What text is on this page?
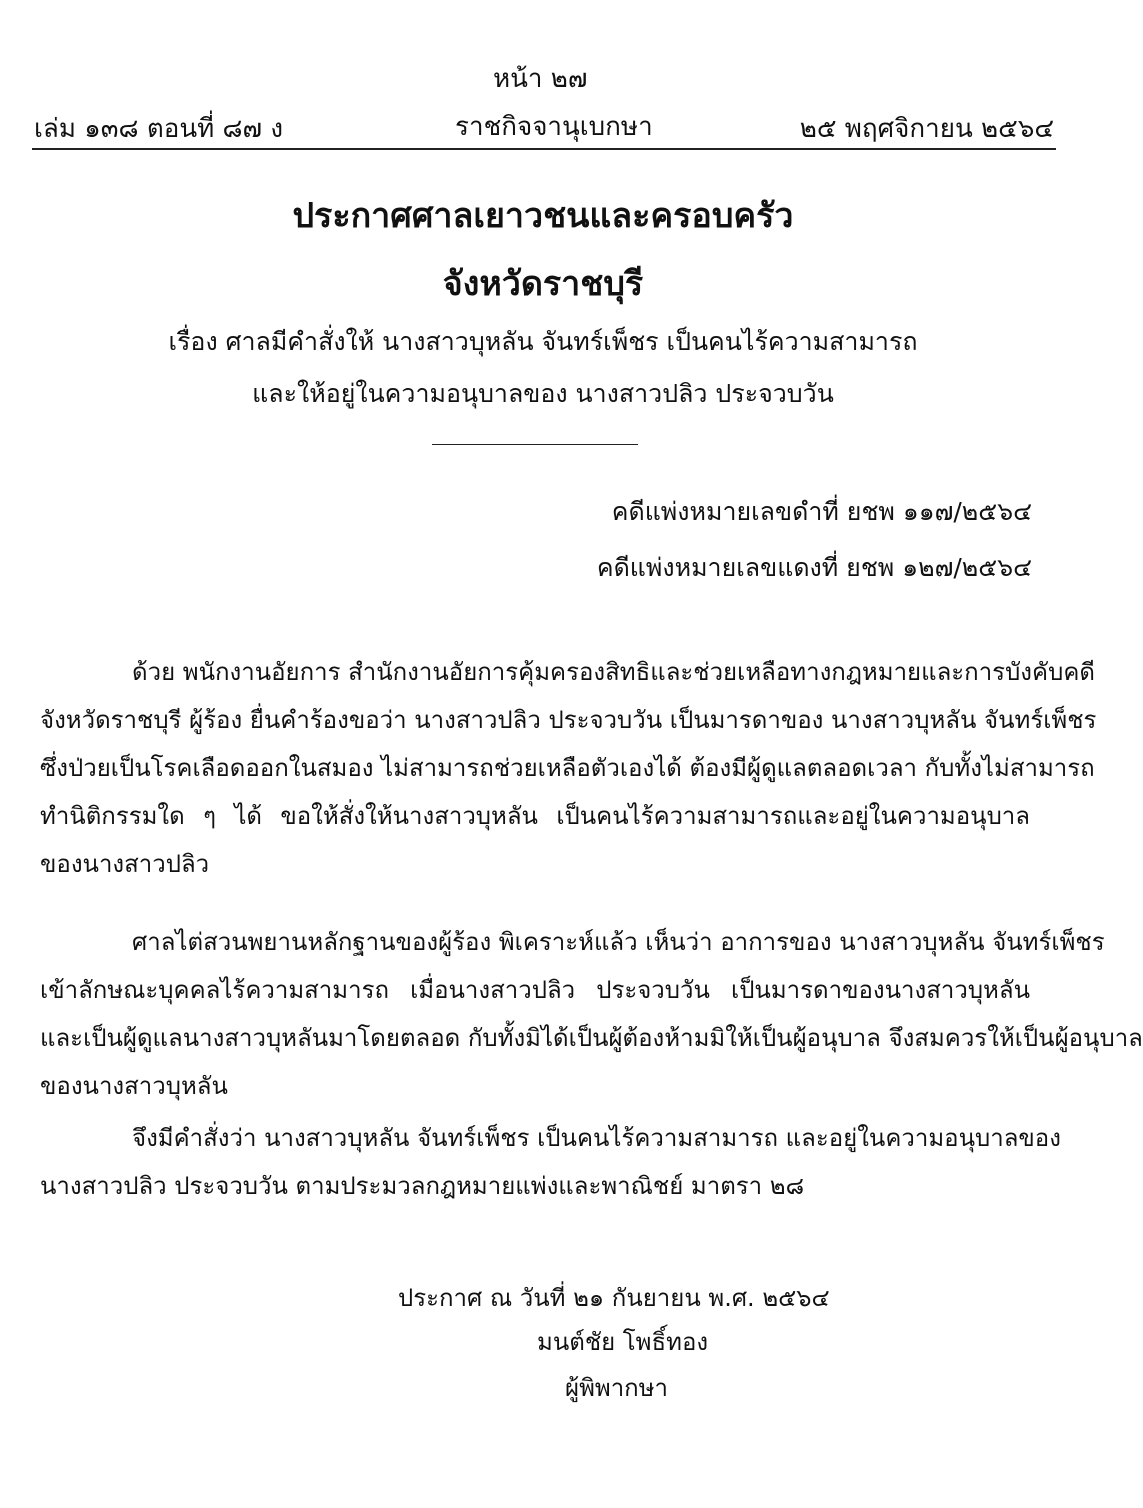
หน้า ๒๗
เล่ม ๑๓๘ ตอนที่ ๘๗ ง	ราชกิจจานุเบกษา	๒๕ พฤศจิกายน ๒๕๖๔
ประกาศศาลเยาวชนและครอบครัว
จังหวัดราชบุรี
เรื่อง ศาลมีคำสั่งให้ นางสาวบุหลัน จันทร์เพ็ชร เป็นคนไร้ความสามารถ
และให้อยู่ในความอนุบาลของ นางสาวปลิว ประจวบวัน
คดีแพ่งหมายเลขดำที่ ยชพ ๑๑๗/๒๕๖๔
คดีแพ่งหมายเลขแดงที่ ยชพ ๑๒๗/๒๕๖๔
ด้วย พนักงานอัยการ สำนักงานอัยการคุ้มครองสิทธิและช่วยเหลือทางกฎหมายและการบังคับคดี
จังหวัดราชบุรี ผู้ร้อง ยื่นคำร้องขอว่า นางสาวปลิว ประจวบวัน เป็นมารดาของ นางสาวบุหลัน จันทร์เพ็ชร
ซึ่งป่วยเป็นโรคเลือดออกในสมอง ไม่สามารถช่วยเหลือตัวเองได้ ต้องมีผู้ดูแลตลอดเวลา กับทั้งไม่สามารถ
ทำนิติกรรมใด ๆ ได้ ขอให้สั่งให้นางสาวบุหลัน เป็นคนไร้ความสามารถและอยู่ในความอนุบาล
ของนางสาวปลิว
ศาลไต่สวนพยานหลักฐานของผู้ร้อง พิเคราะห์แล้ว เห็นว่า อาการของ นางสาวบุหลัน จันทร์เพ็ชร
เข้าลักษณะบุคคลไร้ความสามารถ เมื่อนางสาวปลิว ประจวบวัน เป็นมารดาของนางสาวบุหลัน
และเป็นผู้ดูแลนางสาวบุหลันมาโดยตลอด กับทั้งมิได้เป็นผู้ต้องห้ามมิให้เป็นผู้อนุบาล จึงสมควรให้เป็นผู้อนุบาล
ของนางสาวบุหลัน
จึงมีคำสั่งว่า นางสาวบุหลัน จันทร์เพ็ชร เป็นคนไร้ความสามารถ และอยู่ในความอนุบาลของ
นางสาวปลิว ประจวบวัน ตามประมวลกฎหมายแพ่งและพาณิชย์ มาตรา ๒๘
ประกาศ ณ วันที่ ๒๑ กันยายน พ.ศ. ๒๕๖๔
มนต์ชัย โพธิ์ทอง
ผู้พิพากษา
